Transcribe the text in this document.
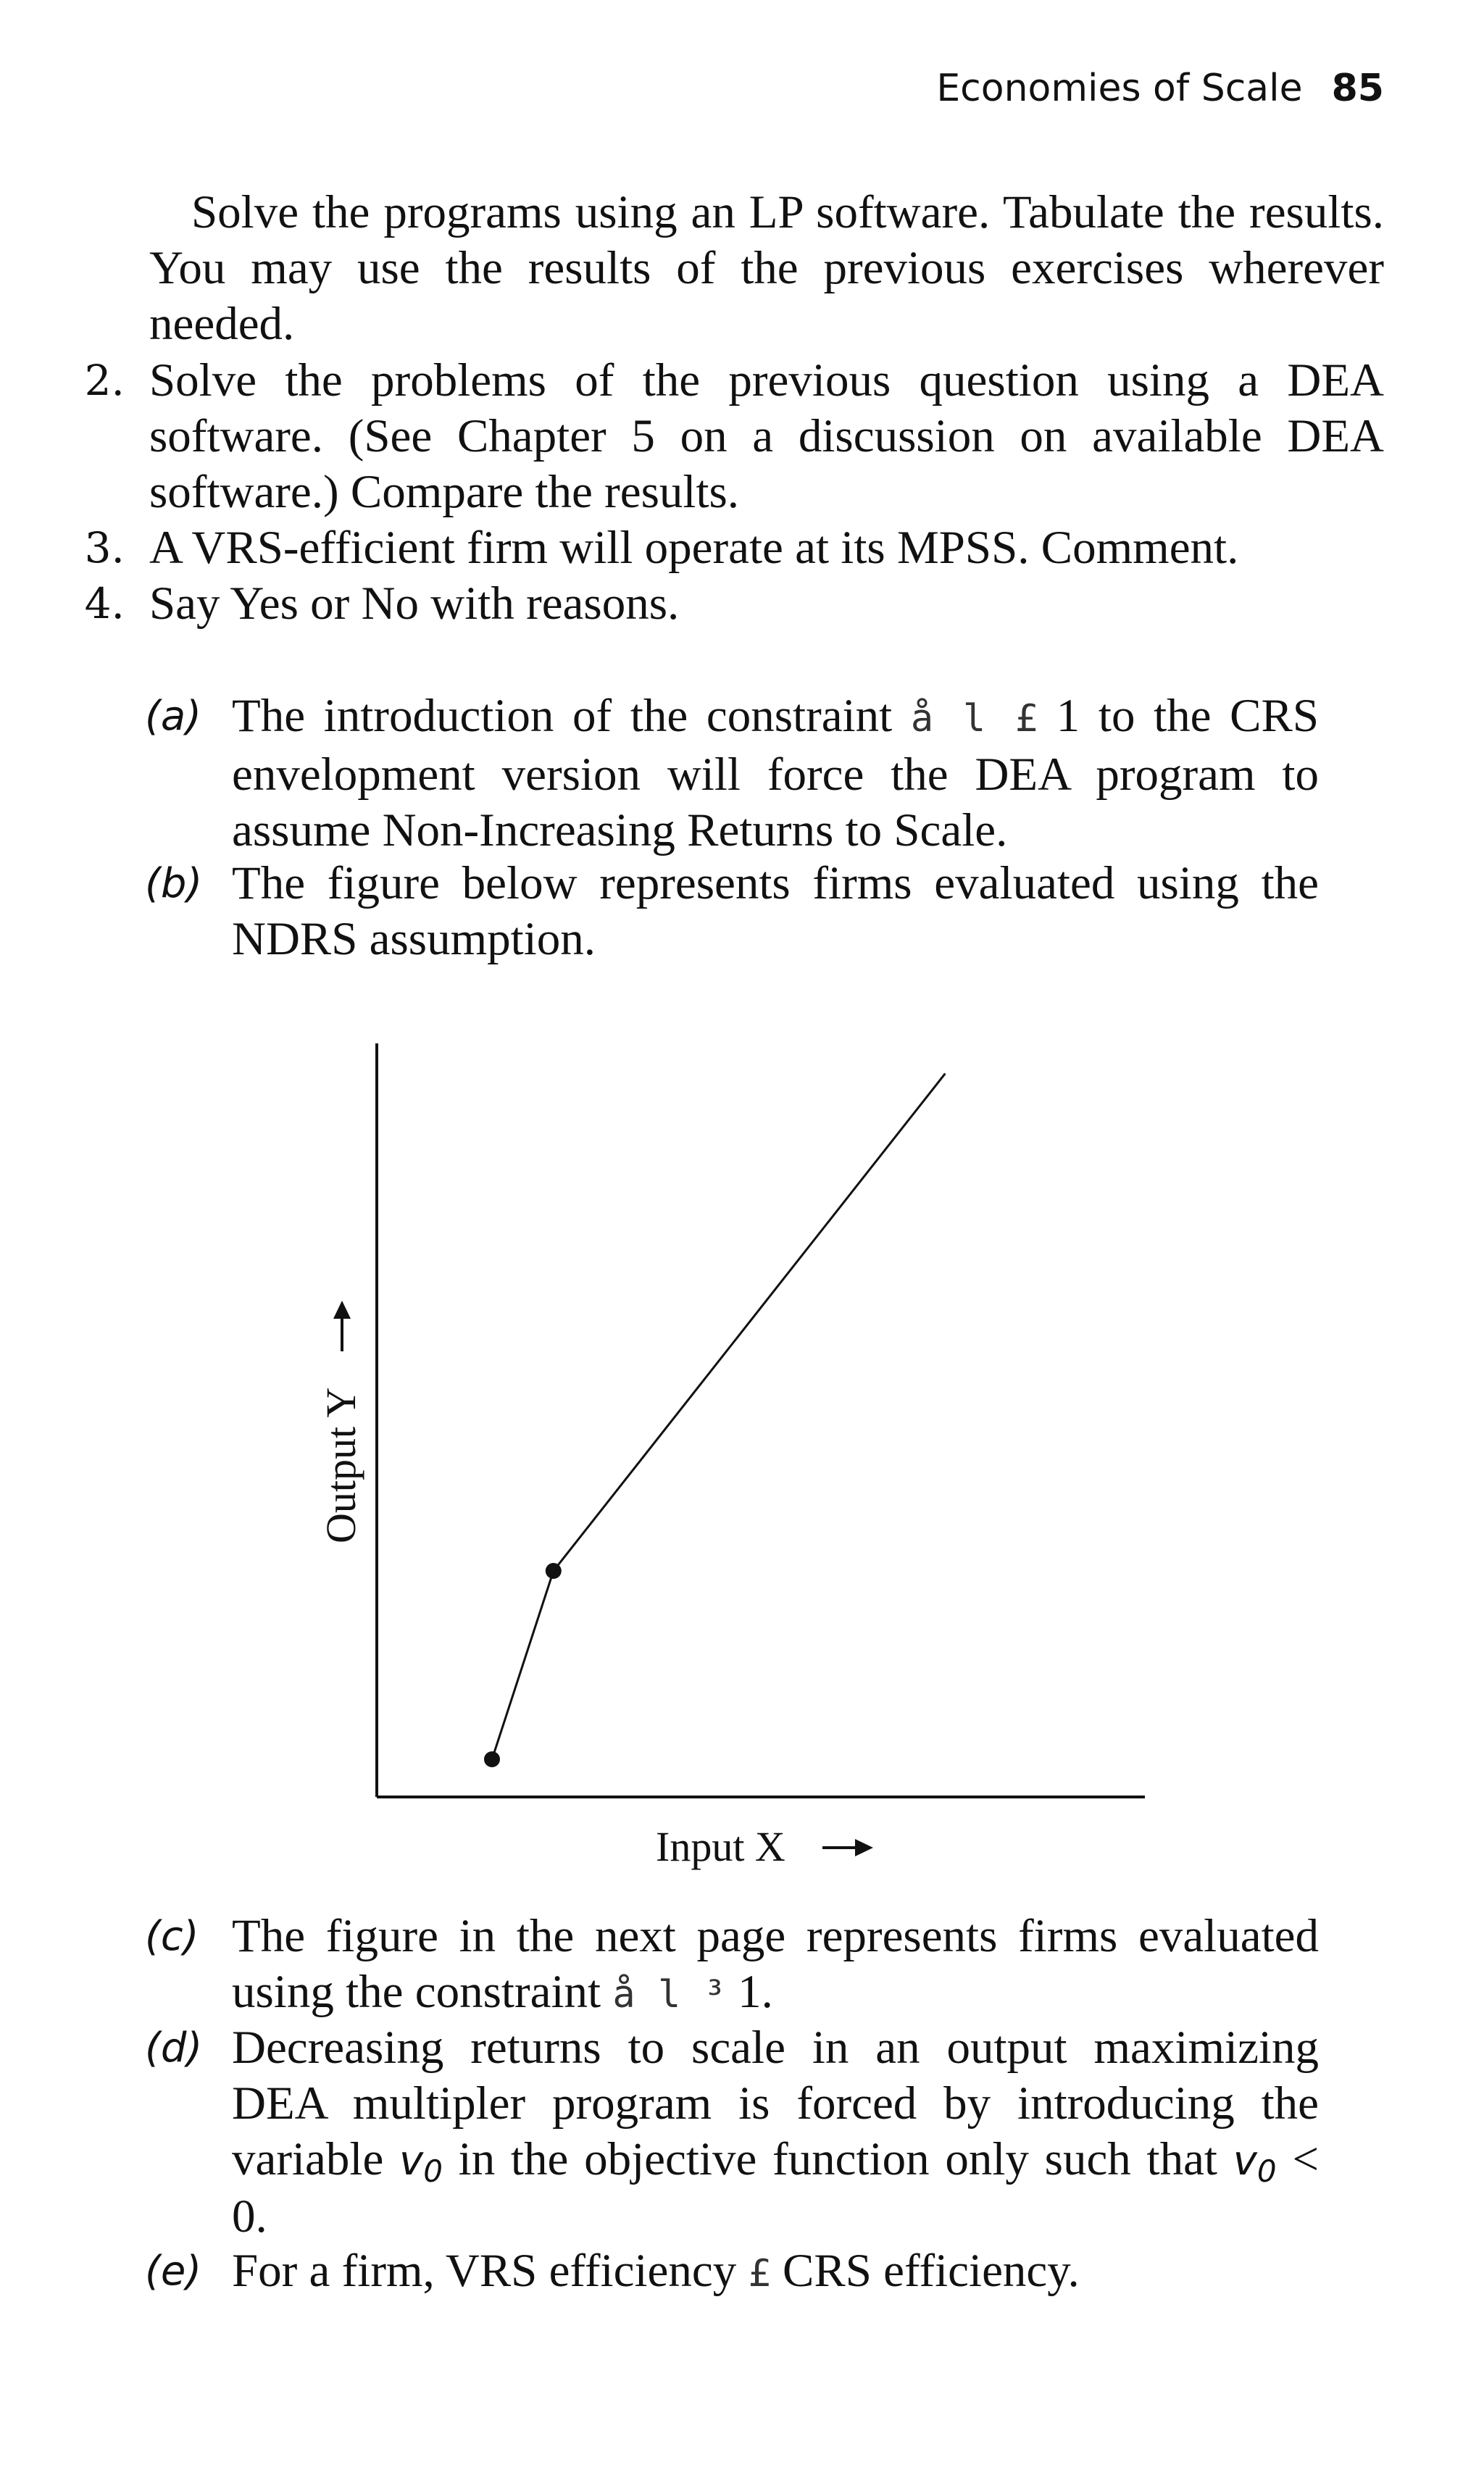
Economies of Scale 85

Solve the programs using an LP software. Tabulate the results. You may use the results of the previous exercises wherever needed.

2. Solve the problems of the previous question using a DEA software. (See Chapter 5 on a discussion on available DEA software.) Compare the results.
3. A VRS-efficient firm will operate at its MPSS. Comment.
4. Say Yes or No with reasons.
(a) The introduction of the constraint å l £ 1 to the CRS envelopment version will force the DEA program to assume Non-Increasing Returns to Scale.
(b) The figure below represents firms evaluated using the NDRS assumption.
Input X
Output Y
(c) The figure in the next page represents firms evaluated using the constraint å l ³ 1.
(d) Decreasing returns to scale in an output maximizing DEA multipler program is forced by introducing the variable $v_0$ in the objective function only such that $v_0 < 0$.
(e) For a firm, VRS efficiency £ CRS efficiency.
